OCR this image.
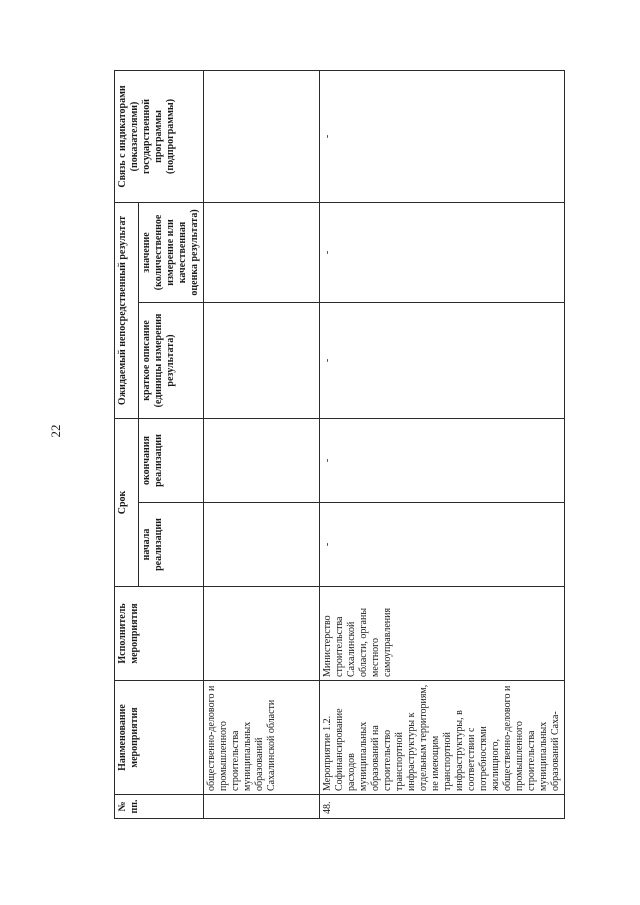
22
№ пп.	Наименование мероприятия	Исполнитель мероприятия	Срок		Ожидаемый непосредственный результат		Связь с индикаторами (показателями) государственной программы (подпрограммы)
			начала реализации	окончания реализации	краткое описание (единицы измерения результата)	значение (количественное измерение или качественная оценка результата)	
	общественно-делового и промышленного строительства муниципальных образований Сахалинской области						
48.	Мероприятие 1.2. Софинансирование расходов муниципальных образований на строительство транспортной инфраструктуры к отдельным территориям, не имеющим транспортной инфраструктуры, в соответствии с потребностями жилищного, общественно-делового и промышленного строительства муниципальных образований Саха-	Министерство строительства Сахалинской области, органы местного самоуправления	-	-	-	-	-
